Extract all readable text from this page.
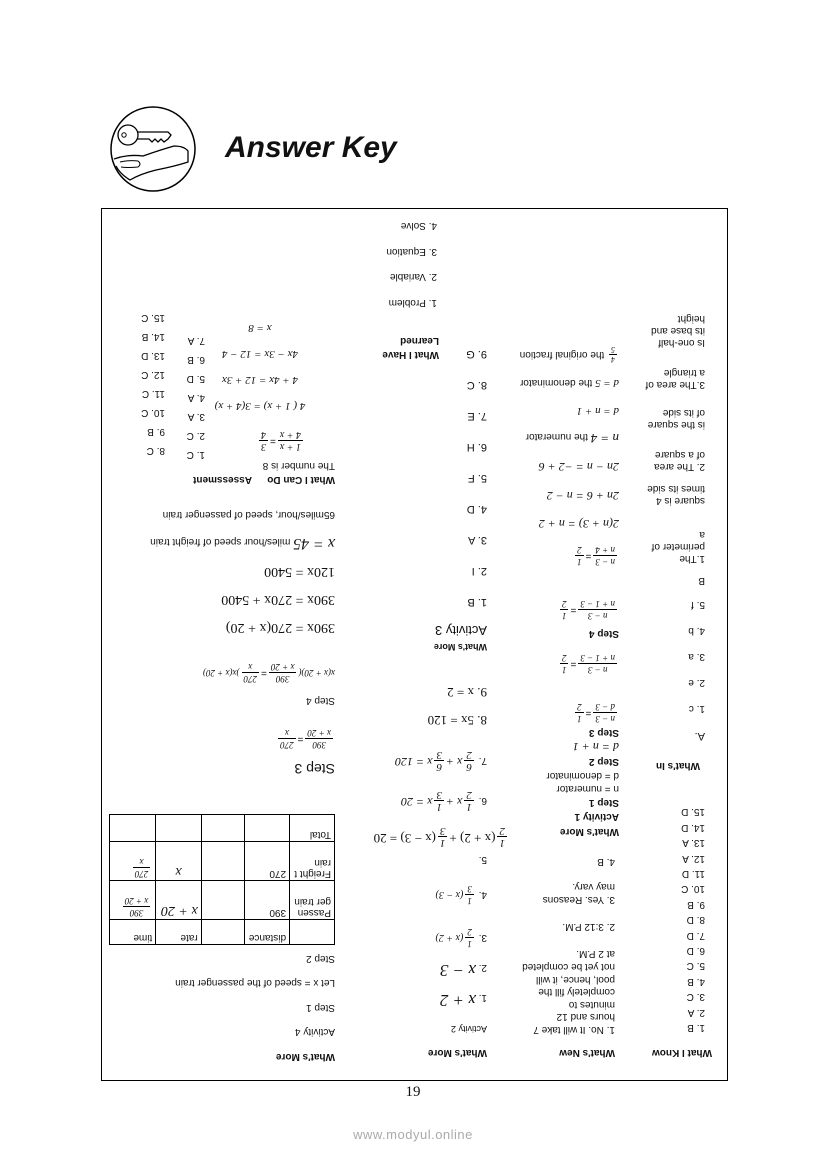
Answer Key
What I Know
What's New
2. 3:12 P.M.
3. Yes. Reasons
may vary.
4. B
What's More
Activity 1
Step 1
n = numerator
d = denominator
Step 2
d = n + 1
Step 3
n − 3
d − 3
=
1
2
n − 3
n + 1 − 3
=
1
2
Step 4
n − 3
n + 1 − 3
=
1
2
n − 3
n + 4
=
1
2
2(n + 3) = n + 2
2n + 6 = n − 2
2n − n = −2 + 6
n = 4 the numerator
d = n + 1
d = 5 the denominator
4
5
the original fraction
What's In
A.
B
What's More
Activity 2
1. x + 2
2. x − 3
3.
1
2
(x + 2)
4.
1
3
(x − 3)
5.
1
2
(x + 2) +
1
3
(x − 3) = 20
6.
1
2
x +
1
3
x = 20
7.
6
2
x +
6
3
x = 120
8. 5x = 120
9. x = 2
What's More
Activity 3
What I Have
Learned
What's More
Activity 4
Step 1
Let x = speed of the passenger train
Step 2
	distance		rate	time
Passenger train	390		x + 20	390
x + 20

Freight train	270		x	270
x

Total				
Step 3
390
x + 20
=
270
x
Step 4
x(x + 20)(
390
x + 20
=
270
x
)x(x + 20)
390x = 270(x + 20)
390x = 270x + 5400
120x = 5400
x = 45 miles/hour speed of freight train
65miles/hour, speed of passenger train
What I Can Do
The number is 8
1 + x
4 + x
=
3
4
Assessment
1. B
2. A
3. C
4. B
5. C
6. D
7. D
8. D
9. B
10. C
11. D
12. A
13. A
14. D
15. D
1. No. It will take 7
hours and 12
minutes to
completely fill the
pool, hence, it will
not yet be completed
at 2 P.M.
1. c
2. e
3. a
4. b
5. f
1.The
perimeter of
a
square is 4
times its side
2. The area
of a square
is the square
of its side
3.The area of
a triangle
Is one-half
its base and
height
1. B
2. I
3. A
4. D
5. F
6. H
7. E
8. C
9. G
1. Problem
2. Variable
3. Equation
4. Solve
4 ( 1 + x) = 3(4 + x)
4 + 4x = 12 + 3x
4x − 3x = 12 − 4
x = 8
1. C
2. C
3. A
4. A
5. D
6. B
7. A
8. C
9. B
10. C
11. C
12. C
13. D
14. B
15. C
19
www.modyul.online
